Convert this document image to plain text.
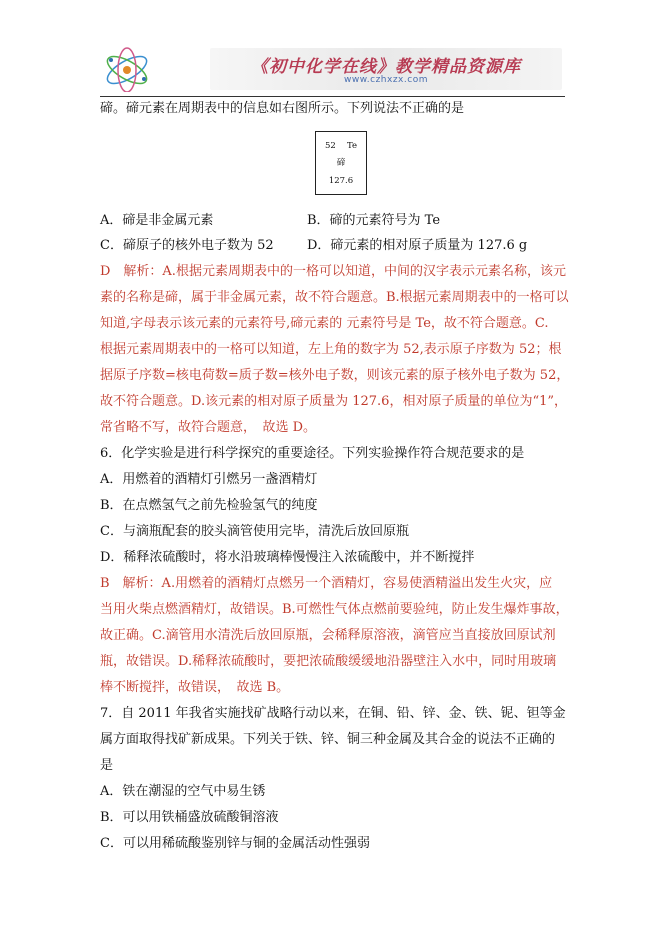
《初中化学在线》教学精品资源库
www.czhxzx.com
碲。碲元素在周期表中的信息如右图所示。下列说法不正确的是
52 Te
碲
127.6
A．碲是非金属元素	B．碲的元素符号为 Te
C．碲原子的核外电子数为 52	D．碲元素的相对原子质量为 127.6 g
D　解析：A.根据元素周期表中的一格可以知道，中间的汉字表示元素名称，该元
素的名称是碲，属于非金属元素，故不符合题意。B.根据元素周期表中的一格可以
知道,字母表示该元素的元素符号,碲元素的 元素符号是 Te，故不符合题意。C.
根据元素周期表中的一格可以知道，左上角的数字为 52,表示原子序数为 52；根
据原子序数=核电荷数=质子数=核外电子数，则该元素的原子核外电子数为 52，
故不符合题意。D.该元素的相对原子质量为 127.6，相对原子质量的单位为“1”，
常省略不写，故符合题意，　故选 D。
6．化学实验是进行科学探究的重要途径。下列实验操作符合规范要求的是
A．用燃着的酒精灯引燃另一盏酒精灯
B．在点燃氢气之前先检验氢气的纯度
C．与滴瓶配套的胶头滴管使用完毕，清洗后放回原瓶
D．稀释浓硫酸时，将水沿玻璃棒慢慢注入浓硫酸中，并不断搅拌
B　解析：A.用燃着的酒精灯点燃另一个酒精灯，容易使酒精溢出发生火灾，应
当用火柴点燃酒精灯，故错误。B.可燃性气体点燃前要验纯，防止发生爆炸事故，
故正确。C.滴管用水清洗后放回原瓶，会稀释原溶液，滴管应当直接放回原试剂
瓶，故错误。D.稀释浓硫酸时，要把浓硫酸缓缓地沿器壁注入水中，同时用玻璃
棒不断搅拌，故错误，　故选 B。
7．自 2011 年我省实施找矿战略行动以来，在铜、铅、锌、金、铁、铌、钽等金
属方面取得找矿新成果。下列关于铁、锌、铜三种金属及其合金的说法不正确的
是
A．铁在潮湿的空气中易生锈
B．可以用铁桶盛放硫酸铜溶液
C．可以用稀硫酸鉴别锌与铜的金属活动性强弱
